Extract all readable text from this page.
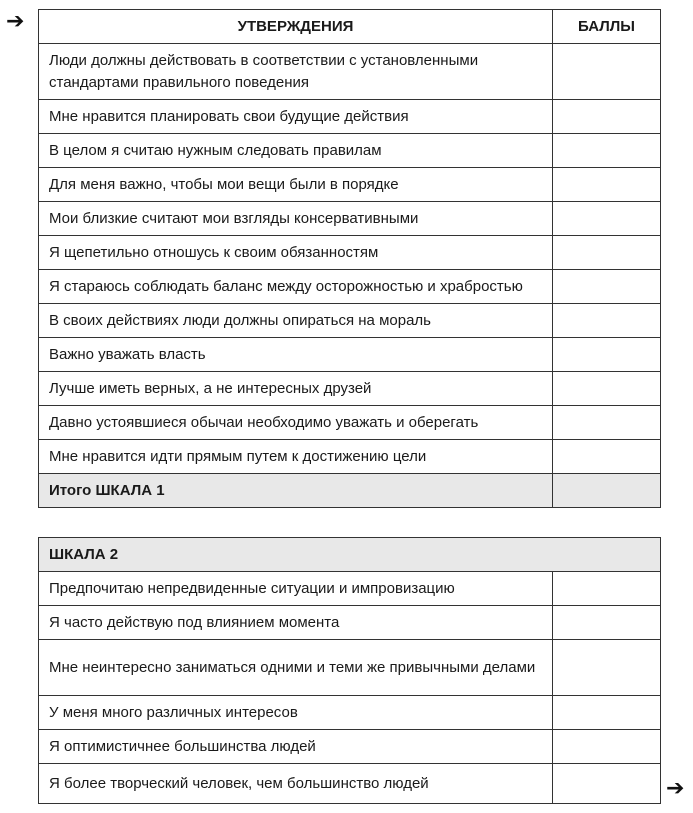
➔	УТВЕРЖДЕНИЯ	БАЛЛЫ
Люди должны действовать в соответствии с установленными стандартами правильного поведения	
Мне нравится планировать свои будущие действия	
В целом я считаю нужным следовать правилам	
Для меня важно, чтобы мои вещи были в порядке	
Мои близкие считают мои взгляды консервативными	
Я щепетильно отношусь к своим обязанностям	
Я стараюсь соблюдать баланс между осторожностью и храбростью	
В своих действиях люди должны опираться на мораль	
Важно уважать власть	
Лучше иметь верных, а не интересных друзей	
Давно устоявшиеся обычаи необходимо уважать и оберегать	
Мне нравится идти прямым путем к достижению цели	
Итого ШКАЛА 1	
ШКАЛА 2	
Предпочитаю непредвиденные ситуации и импровизацию	
Я часто действую под влиянием момента	
Мне неинтересно заниматься одними и теми же привычными делами	
У меня много различных интересов	
Я оптимистичнее большинства людей	
Я более творческий человек, чем большинство людей		➔
